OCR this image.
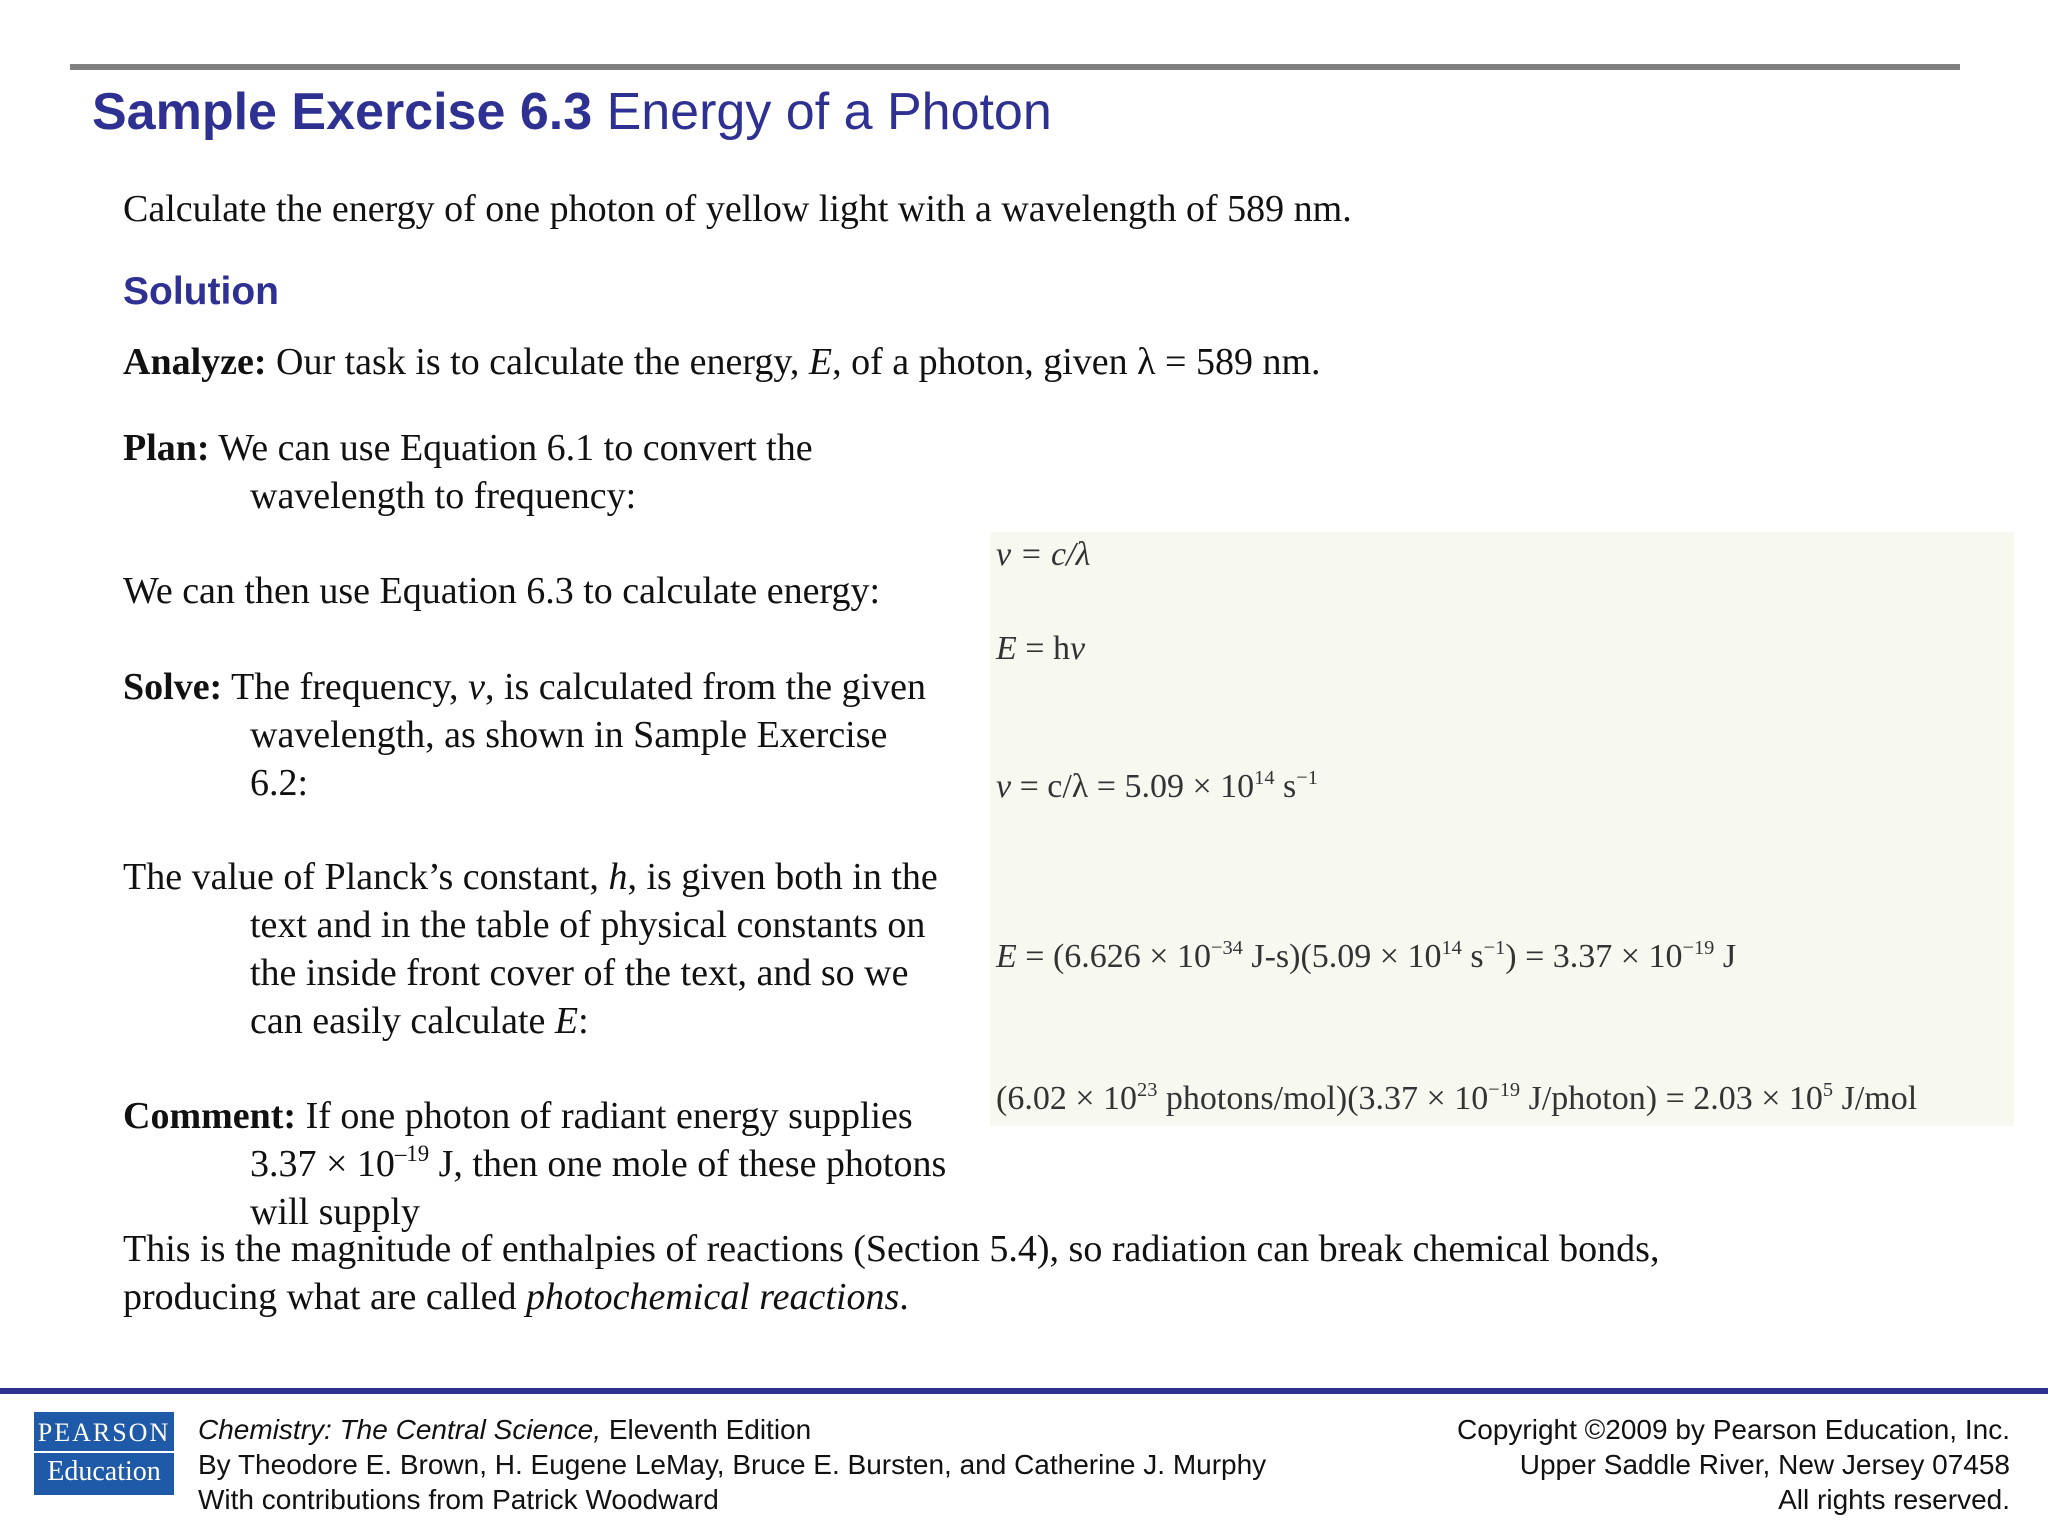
Sample Exercise 6.3 Energy of a Photon
Calculate the energy of one photon of yellow light with a wavelength of 589 nm.
Solution
Analyze: Our task is to calculate the energy, E, of a photon, given λ = 589 nm.
Plan: We can use Equation 6.1 to convert the
wavelength to frequency:
We can then use Equation 6.3 to calculate energy:
Solve: The frequency, ν, is calculated from the given
wavelength, as shown in Sample Exercise
6.2:
The value of Planck’s constant, h, is given both in the
text and in the table of physical constants on
the inside front cover of the text, and so we
can easily calculate E:
Comment: If one photon of radiant energy supplies
$3.37 \times 10^{-19}$ J, then one mole of these photons
will supply
This is the magnitude of enthalpies of reactions (Section 5.4), so radiation can break chemical bonds,
producing what are called photochemical reactions.
ν = c/λ
E = hν
$\nu = c/\lambda = 5.09 \times 10^{14}$ $s^{-1}$
$E = (6.626 \times 10^{-34}$ $J-s)(5.09 \times 10^{14}$ $s^{-1}) = 3.37 \times 10^{-19}$ J
($6.02 \times 10^{23}$ photons/mol)(3.37 × $10^{-19}$ J/photon) = $2.03 \times 10^5$ J/mol
PEARSON
Education
Chemistry: The Central Science, Eleventh Edition
By Theodore E. Brown, H. Eugene LeMay, Bruce E. Bursten, and Catherine J. Murphy
With contributions from Patrick Woodward
Copyright ©2009 by Pearson Education, Inc.
Upper Saddle River, New Jersey 07458
All rights reserved.
